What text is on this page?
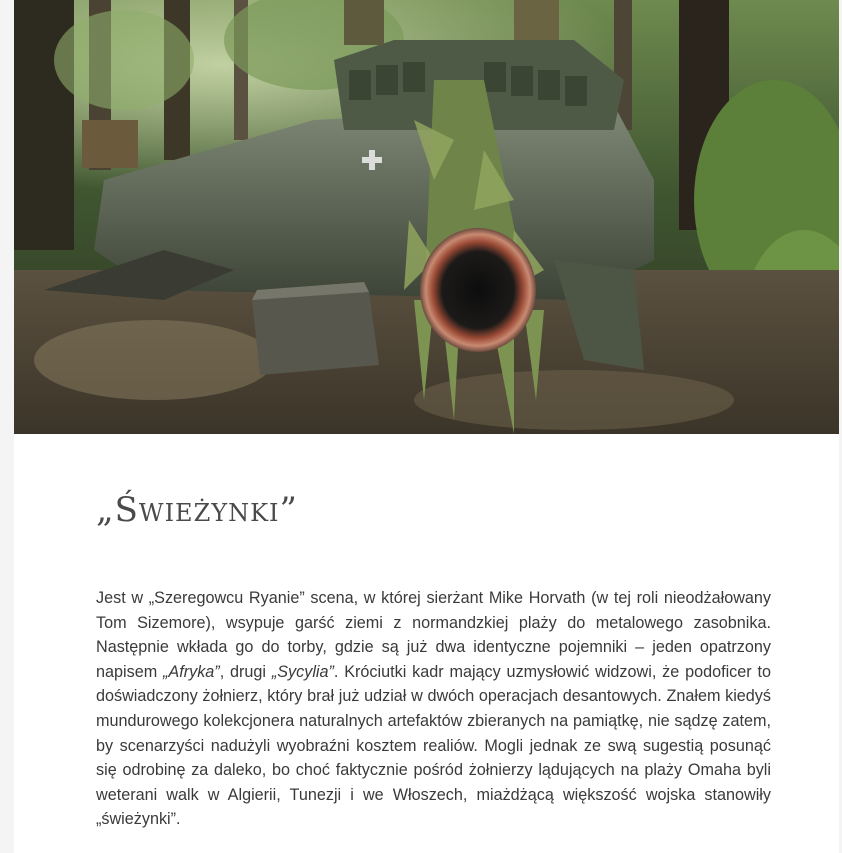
„Świeżynki”

Jest w „Szeregowcu Ryanie” scena, w której sierżant Mike Horvath (w tej roli nieodżałowany Tom Sizemore), wsypuje garść ziemi z normandzkiej plaży do metalowego zasobnika. Następnie wkłada go do torby, gdzie są już dwa identyczne pojemniki – jeden opatrzony napisem „Afryka”, drugi „Sycylia”. Króciutki kadr mający uzmysłowić widzowi, że podoficer to doświadczony żołnierz, który brał już udział w dwóch operacjach desantowych. Znałem kiedyś mundurowego kolekcjonera naturalnych artefaktów zbieranych na pamiątkę, nie sądzę zatem, by scenarzyści nadużyli wyobraźni kosztem realiów. Mogli jednak ze swą sugestią posunąć się odrobinę za daleko, bo choć faktycznie pośród żołnierzy lądujących na plaży Omaha byli weterani walk w Algierii, Tunezji i we Włoszech, miażdżącą większość wojska stanowiły „świeżynki”.
